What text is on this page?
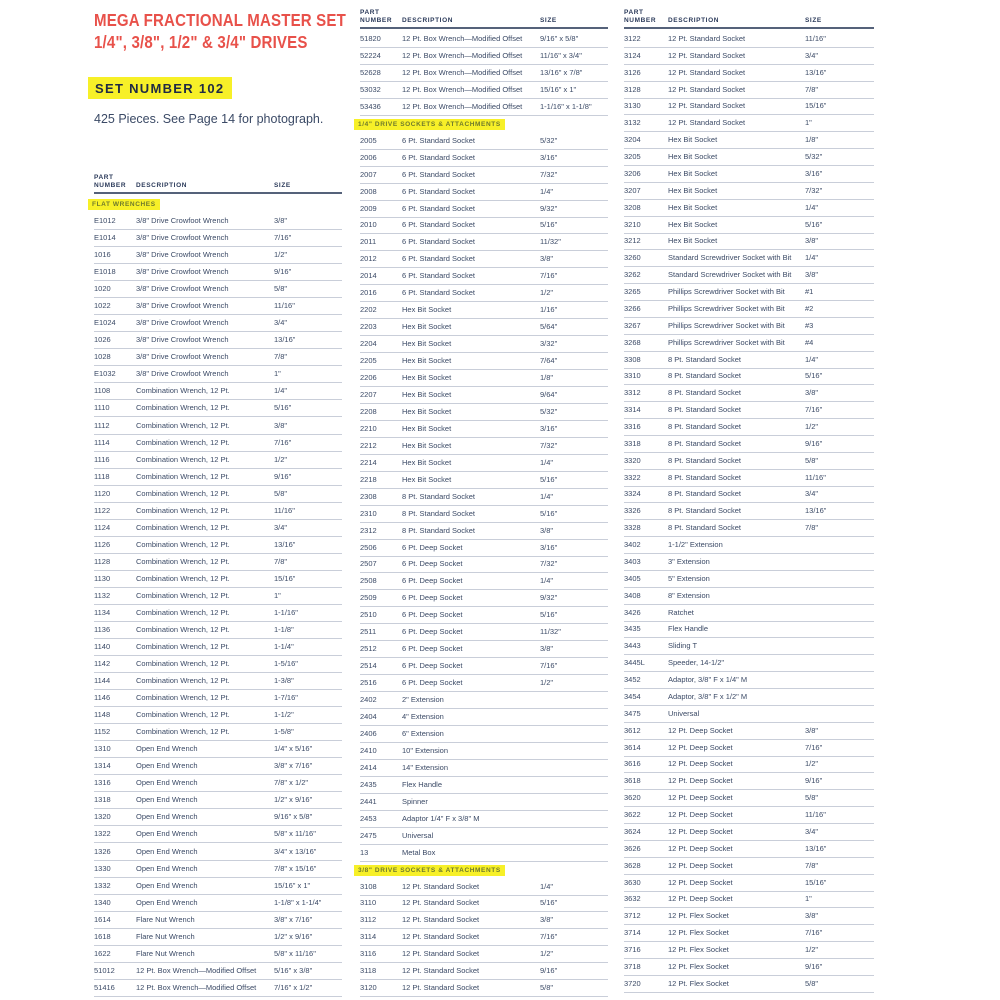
MEGA FRACTIONAL MASTER SET
1/4", 3/8", 1/2" & 3/4" DRIVES
SET NUMBER 102
425 Pieces. See Page 14 for photograph.
PART
NUMBER	DESCRIPTION	SIZE
FLAT WRENCHES
E1012	3/8" Drive Crowfoot Wrench	3/8"
E1014	3/8" Drive Crowfoot Wrench	7/16"
1016	3/8" Drive Crowfoot Wrench	1/2"
E1018	3/8" Drive Crowfoot Wrench	9/16"
1020	3/8" Drive Crowfoot Wrench	5/8"
1022	3/8" Drive Crowfoot Wrench	11/16"
E1024	3/8" Drive Crowfoot Wrench	3/4"
1026	3/8" Drive Crowfoot Wrench	13/16"
1028	3/8" Drive Crowfoot Wrench	7/8"
E1032	3/8" Drive Crowfoot Wrench	1"
1108	Combination Wrench, 12 Pt.	1/4"
1110	Combination Wrench, 12 Pt.	5/16"
1112	Combination Wrench, 12 Pt.	3/8"
1114	Combination Wrench, 12 Pt.	7/16"
1116	Combination Wrench, 12 Pt.	1/2"
1118	Combination Wrench, 12 Pt.	9/16"
1120	Combination Wrench, 12 Pt.	5/8"
1122	Combination Wrench, 12 Pt.	11/16"
1124	Combination Wrench, 12 Pt.	3/4"
1126	Combination Wrench, 12 Pt.	13/16"
1128	Combination Wrench, 12 Pt.	7/8"
1130	Combination Wrench, 12 Pt.	15/16"
1132	Combination Wrench, 12 Pt.	1"
1134	Combination Wrench, 12 Pt.	1-1/16"
1136	Combination Wrench, 12 Pt.	1-1/8"
1140	Combination Wrench, 12 Pt.	1-1/4"
1142	Combination Wrench, 12 Pt.	1-5/16"
1144	Combination Wrench, 12 Pt.	1-3/8"
1146	Combination Wrench, 12 Pt.	1-7/16"
1148	Combination Wrench, 12 Pt.	1-1/2"
1152	Combination Wrench, 12 Pt.	1-5/8"
1310	Open End Wrench	1/4" x 5/16"
1314	Open End Wrench	3/8" x 7/16"
1316	Open End Wrench	7/8" x 1/2"
1318	Open End Wrench	1/2" x 9/16"
1320	Open End Wrench	9/16" x 5/8"
1322	Open End Wrench	5/8" x 11/16"
1326	Open End Wrench	3/4" x 13/16"
1330	Open End Wrench	7/8" x 15/16"
1332	Open End Wrench	15/16" x 1"
1340	Open End Wrench	1-1/8" x 1-1/4"
1614	Flare Nut Wrench	3/8" x 7/16"
1618	Flare Nut Wrench	1/2" x 9/16"
1622	Flare Nut Wrench	5/8" x 11/16"
51012	12 Pt. Box Wrench—Modified Offset	5/16" x 3/8"
51416	12 Pt. Box Wrench—Modified Offset	7/16" x 1/2"
PART
NUMBER	DESCRIPTION	SIZE
51820	12 Pt. Box Wrench—Modified Offset	9/16" x 5/8"
52224	12 Pt. Box Wrench—Modified Offset	11/16" x 3/4"
52628	12 Pt. Box Wrench—Modified Offset	13/16" x 7/8"
53032	12 Pt. Box Wrench—Modified Offset	15/16" x 1"
53436	12 Pt. Box Wrench—Modified Offset	1-1/16" x 1-1/8"
1/4" DRIVE SOCKETS & ATTACHMENTS
2005	6 Pt. Standard Socket	5/32"
2006	6 Pt. Standard Socket	3/16"
2007	6 Pt. Standard Socket	7/32"
2008	6 Pt. Standard Socket	1/4"
2009	6 Pt. Standard Socket	9/32"
2010	6 Pt. Standard Socket	5/16"
2011	6 Pt. Standard Socket	11/32"
2012	6 Pt. Standard Socket	3/8"
2014	6 Pt. Standard Socket	7/16"
2016	6 Pt. Standard Socket	1/2"
2202	Hex Bit Socket	1/16"
2203	Hex Bit Socket	5/64"
2204	Hex Bit Socket	3/32"
2205	Hex Bit Socket	7/64"
2206	Hex Bit Socket	1/8"
2207	Hex Bit Socket	9/64"
2208	Hex Bit Socket	5/32"
2210	Hex Bit Socket	3/16"
2212	Hex Bit Socket	7/32"
2214	Hex Bit Socket	1/4"
2218	Hex Bit Socket	5/16"
2308	8 Pt. Standard Socket	1/4"
2310	8 Pt. Standard Socket	5/16"
2312	8 Pt. Standard Socket	3/8"
2506	6 Pt. Deep Socket	3/16"
2507	6 Pt. Deep Socket	7/32"
2508	6 Pt. Deep Socket	1/4"
2509	6 Pt. Deep Socket	9/32"
2510	6 Pt. Deep Socket	5/16"
2511	6 Pt. Deep Socket	11/32"
2512	6 Pt. Deep Socket	3/8"
2514	6 Pt. Deep Socket	7/16"
2516	6 Pt. Deep Socket	1/2"
2402	2" Extension
2404	4" Extension
2406	6" Extension
2410	10" Extension
2414	14" Extension
2435	Flex Handle
2441	Spinner
2453	Adaptor 1/4" F x 3/8" M
2475	Universal
13	Metal Box
3/8" DRIVE SOCKETS & ATTACHMENTS
3108	12 Pt. Standard Socket	1/4"
3110	12 Pt. Standard Socket	5/16"
3112	12 Pt. Standard Socket	3/8"
3114	12 Pt. Standard Socket	7/16"
3116	12 Pt. Standard Socket	1/2"
3118	12 Pt. Standard Socket	9/16"
3120	12 Pt. Standard Socket	5/8"
PART
NUMBER	DESCRIPTION	SIZE
3122	12 Pt. Standard Socket	11/16"
3124	12 Pt. Standard Socket	3/4"
3126	12 Pt. Standard Socket	13/16"
3128	12 Pt. Standard Socket	7/8"
3130	12 Pt. Standard Socket	15/16"
3132	12 Pt. Standard Socket	1"
3204	Hex Bit Socket	1/8"
3205	Hex Bit Socket	5/32"
3206	Hex Bit Socket	3/16"
3207	Hex Bit Socket	7/32"
3208	Hex Bit Socket	1/4"
3210	Hex Bit Socket	5/16"
3212	Hex Bit Socket	3/8"
3260	Standard Screwdriver Socket with Bit	1/4"
3262	Standard Screwdriver Socket with Bit	3/8"
3265	Phillips Screwdriver Socket with Bit	#1
3266	Phillips Screwdriver Socket with Bit	#2
3267	Phillips Screwdriver Socket with Bit	#3
3268	Phillips Screwdriver Socket with Bit	#4
3308	8 Pt. Standard Socket	1/4"
3310	8 Pt. Standard Socket	5/16"
3312	8 Pt. Standard Socket	3/8"
3314	8 Pt. Standard Socket	7/16"
3316	8 Pt. Standard Socket	1/2"
3318	8 Pt. Standard Socket	9/16"
3320	8 Pt. Standard Socket	5/8"
3322	8 Pt. Standard Socket	11/16"
3324	8 Pt. Standard Socket	3/4"
3326	8 Pt. Standard Socket	13/16"
3328	8 Pt. Standard Socket	7/8"
3402	1-1/2" Extension
3403	3" Extension
3405	5" Extension
3408	8" Extension
3426	Ratchet
3435	Flex Handle
3443	Sliding T
3445L	Speeder, 14-1/2"
3452	Adaptor, 3/8" F x 1/4" M
3454	Adaptor, 3/8" F x 1/2" M
3475	Universal
3612	12 Pt. Deep Socket	3/8"
3614	12 Pt. Deep Socket	7/16"
3616	12 Pt. Deep Socket	1/2"
3618	12 Pt. Deep Socket	9/16"
3620	12 Pt. Deep Socket	5/8"
3622	12 Pt. Deep Socket	11/16"
3624	12 Pt. Deep Socket	3/4"
3626	12 Pt. Deep Socket	13/16"
3628	12 Pt. Deep Socket	7/8"
3630	12 Pt. Deep Socket	15/16"
3632	12 Pt. Deep Socket	1"
3712	12 Pt. Flex Socket	3/8"
3714	12 Pt. Flex Socket	7/16"
3716	12 Pt. Flex Socket	1/2"
3718	12 Pt. Flex Socket	9/16"
3720	12 Pt. Flex Socket	5/8"
